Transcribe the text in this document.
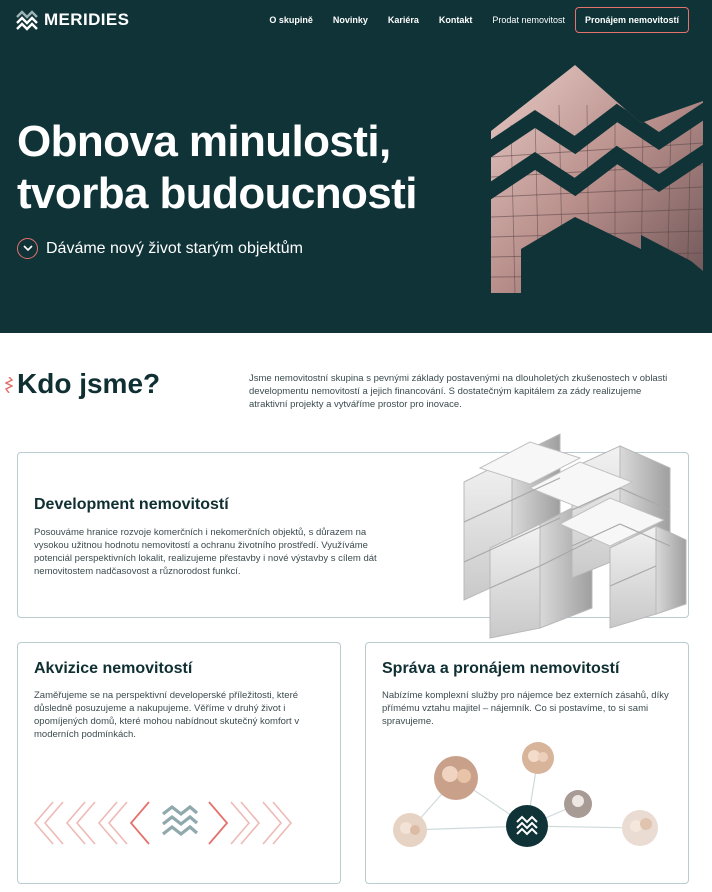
MERIDIES	O skupině Novinky Kariéra Kontakt Prodat nemovitost	Pronájem nemovitostí
Obnova minulosti,
tvorba budoucnosti
Dáváme nový život starým objektům
Kdo jsme?	Jsme nemovitostní skupina s pevnými základy postavenými na dlouholetých zkušenostech v oblasti developmentu nemovitostí a jejich financování. S dostatečným kapitálem za zády realizujeme atraktivní projekty a vytváříme prostor pro inovace.

Development nemovitostí

Posouváme hranice rozvoje komerčních i nekomerčních objektů, s důrazem na vysokou užitnou hodnotu nemovitostí a ochranu životního prostředí. Využíváme potenciál perspektivních lokalit, realizujeme přestavby i nové výstavby s cílem dát nemovitostem nadčasovost a různorodost funkcí.

Akvizice nemovitostí

Zaměřujeme se na perspektivní developerské příležitosti, které důsledně posuzujeme a nakupujeme. Věříme v druhý život i opomíjených domů, které mohou nabídnout skutečný komfort v moderních podmínkách.

Správa a pronájem nemovitostí

Nabízíme komplexní služby pro nájemce bez externích zásahů, díky přímému vztahu majitel – nájemník. Co si postavíme, to si sami spravujeme.
